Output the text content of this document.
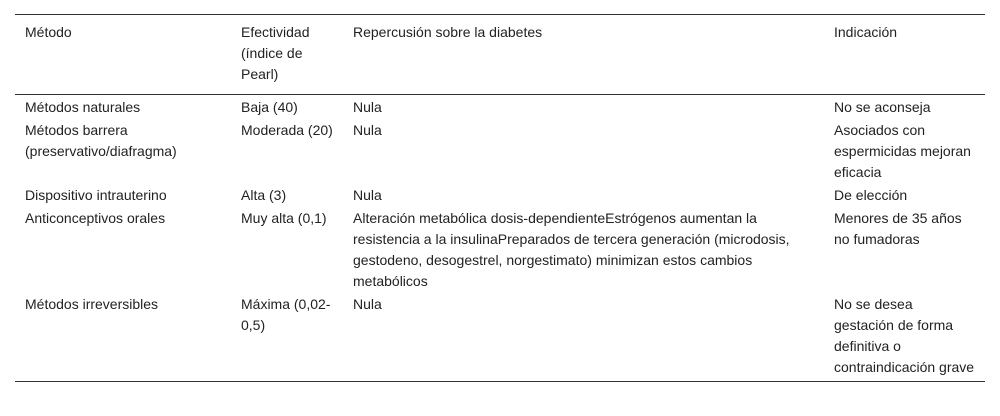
Método	Efectividad (índice de Pearl)	Repercusión sobre la diabetes	Indicación
Métodos naturales	Baja (40)	Nula	No se aconseja
Métodos barrera (preservativo/diafragma)	Moderada (20)	Nula	Asociados con espermicidas mejoran eficacia
Dispositivo intrauterino	Alta (3)	Nula	De elección
Anticonceptivos orales	Muy alta (0,1)	Alteración metabólica dosis-dependienteEstrógenos aumentan la resistencia a la insulinaPreparados de tercera generación (microdosis, gestodeno, desogestrel, norgestimato) minimizan estos cambios metabólicos	Menores de 35 años no fumadoras
Métodos irreversibles	Máxima (0,02-0,5)	Nula	No se desea gestación de forma definitiva o contraindicación grave
